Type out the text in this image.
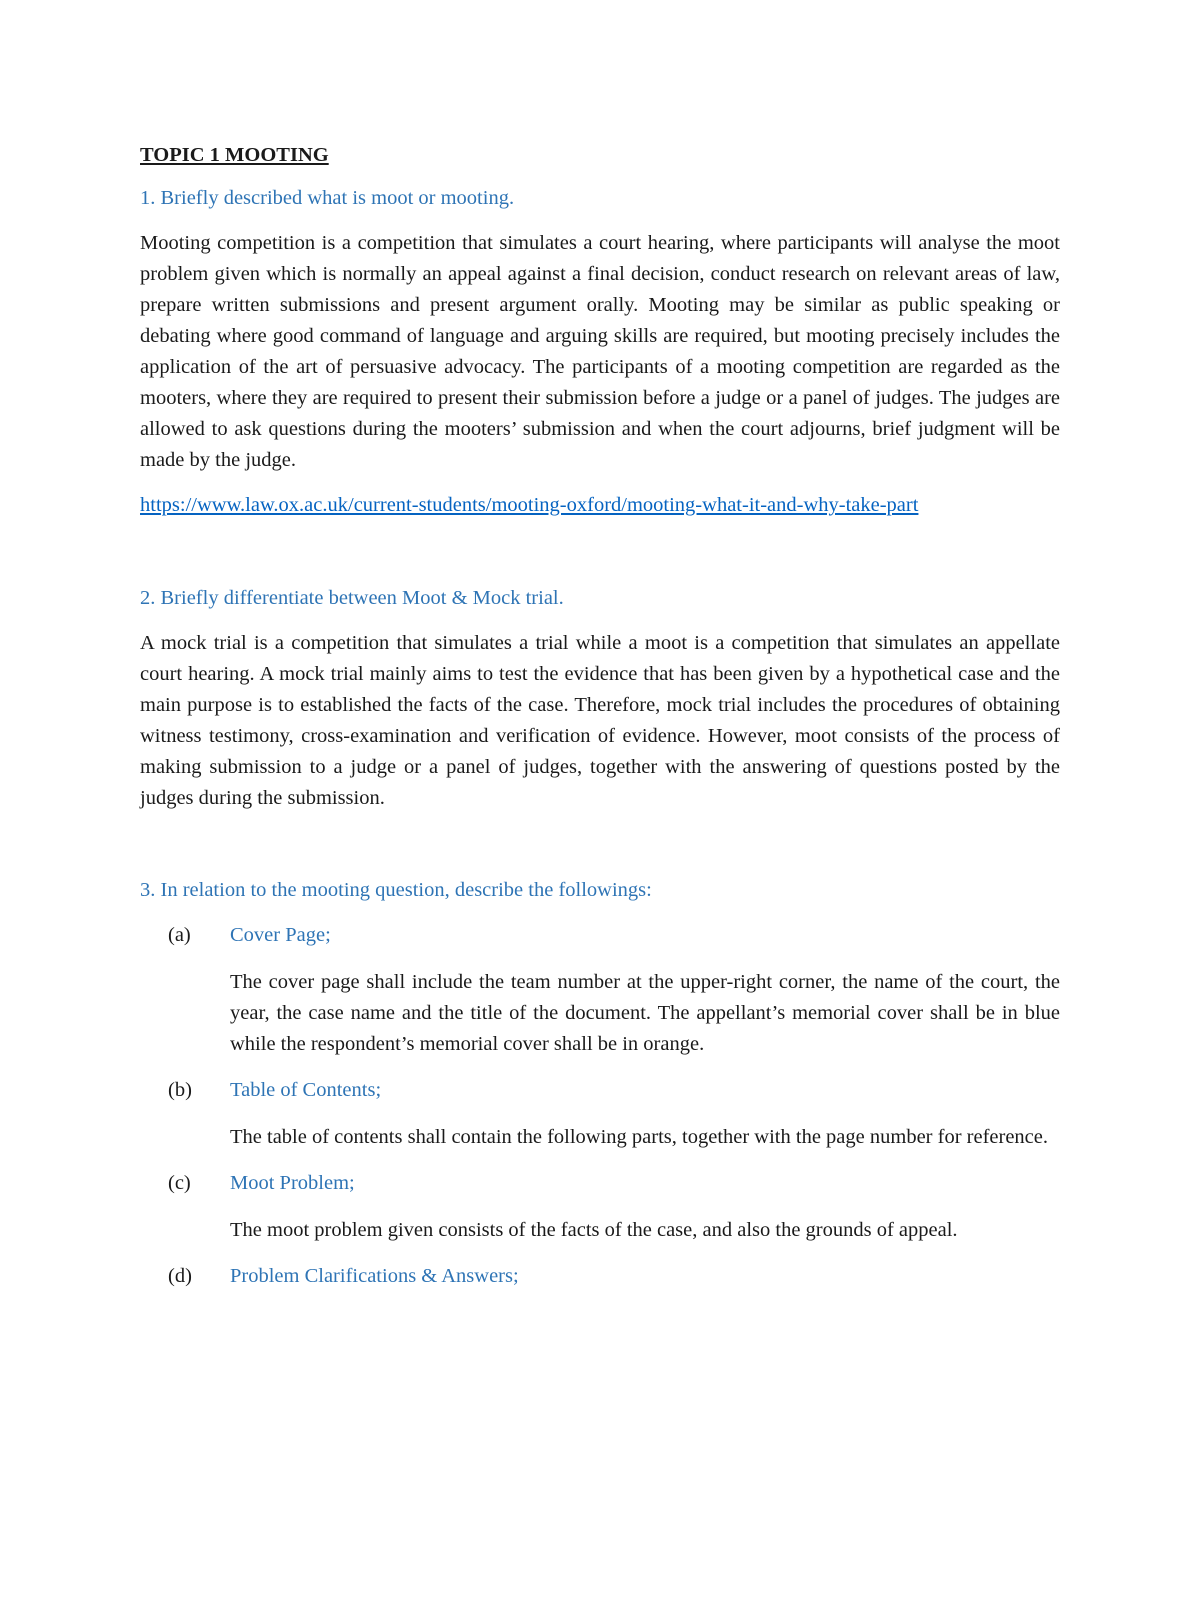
TOPIC 1 MOOTING

1. Briefly described what is moot or mooting.

Mooting competition is a competition that simulates a court hearing, where participants will analyse the moot problem given which is normally an appeal against a final decision, conduct research on relevant areas of law, prepare written submissions and present argument orally. Mooting may be similar as public speaking or debating where good command of language and arguing skills are required, but mooting precisely includes the application of the art of persuasive advocacy. The participants of a mooting competition are regarded as the mooters, where they are required to present their submission before a judge or a panel of judges. The judges are allowed to ask questions during the mooters’ submission and when the court adjourns, brief judgment will be made by the judge.

https://www.law.ox.ac.uk/current-students/mooting-oxford/mooting-what-it-and-why-take-part

2. Briefly differentiate between Moot & Mock trial.

A mock trial is a competition that simulates a trial while a moot is a competition that simulates an appellate court hearing. A mock trial mainly aims to test the evidence that has been given by a hypothetical case and the main purpose is to established the facts of the case. Therefore, mock trial includes the procedures of obtaining witness testimony, cross-examination and verification of evidence. However, moot consists of the process of making submission to a judge or a panel of judges, together with the answering of questions posted by the judges during the submission.

3. In relation to the mooting question, describe the followings:

(a)	Cover Page;

The cover page shall include the team number at the upper-right corner, the name of the court, the year, the case name and the title of the document. The appellant’s memorial cover shall be in blue while the respondent’s memorial cover shall be in orange.

(b)	Table of Contents;

The table of contents shall contain the following parts, together with the page number for reference.

(c)	Moot Problem;

The moot problem given consists of the facts of the case, and also the grounds of appeal.

(d)	Problem Clarifications & Answers;
